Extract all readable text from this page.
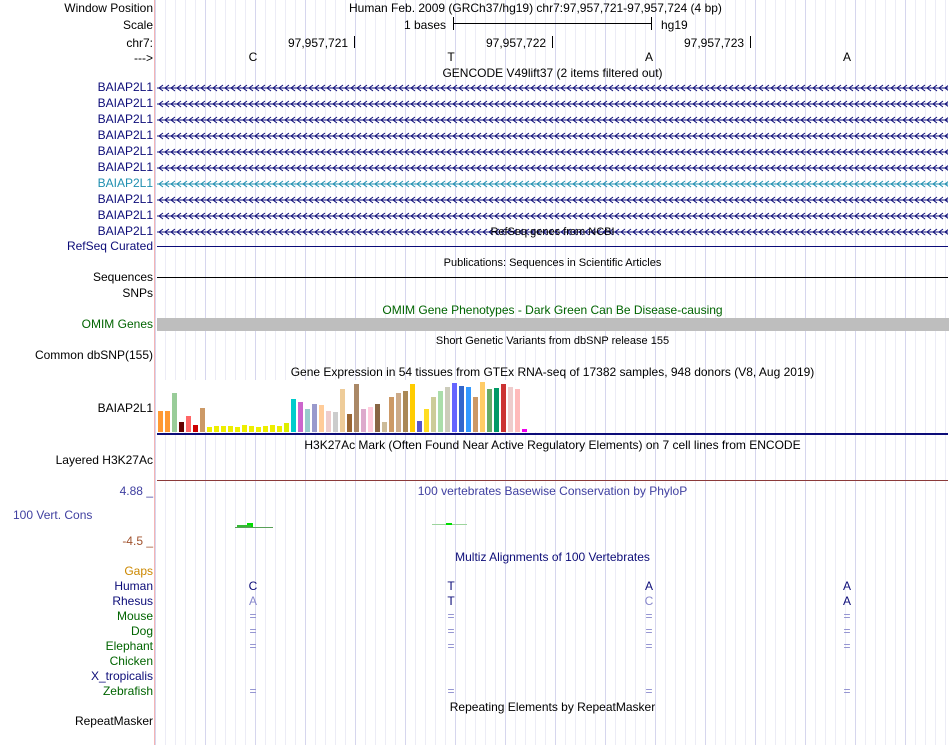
Window Position	Human Feb. 2009 (GRCh37/hg19) chr7:97,957,721-97,957,724 (4 bp)
Scale	1 bases	hg19
chr7:	97,957,721	97,957,722	97,957,723
--->	C	T	A	A
GENCODE V49lift37 (2 items filtered out)
BAIAP2L1
BAIAP2L1
BAIAP2L1
BAIAP2L1
BAIAP2L1
BAIAP2L1
BAIAP2L1
BAIAP2L1
BAIAP2L1
BAIAP2L1	RefSeq genes from NCBI
RefSeq Curated
Publications: Sequences in Scientific Articles
Sequences
SNPs
OMIM Gene Phenotypes - Dark Green Can Be Disease-causing
OMIM Genes
Short Genetic Variants from dbSNP release 155
Common dbSNP(155)
Gene Expression in 54 tissues from GTEx RNA-seq of 17382 samples, 948 donors (V8, Aug 2019)
BAIAP2L1
H3K27Ac Mark (Often Found Near Active Regulatory Elements) on 7 cell lines from ENCODE
Layered H3K27Ac
100 vertebrates Basewise Conservation by PhyloP
4.88 _
100 Vert. Cons
-4.5 _
Multiz Alignments of 100 Vertebrates
Gaps
Human	C	T	A	A
Rhesus	A	T	C	A
Mouse	=	=	=	=
Dog	=	=	=	=
Elephant	=	=	=	=
Chicken
X_tropicalis
Zebrafish	=	=	=	=
Repeating Elements by RepeatMasker
RepeatMasker
